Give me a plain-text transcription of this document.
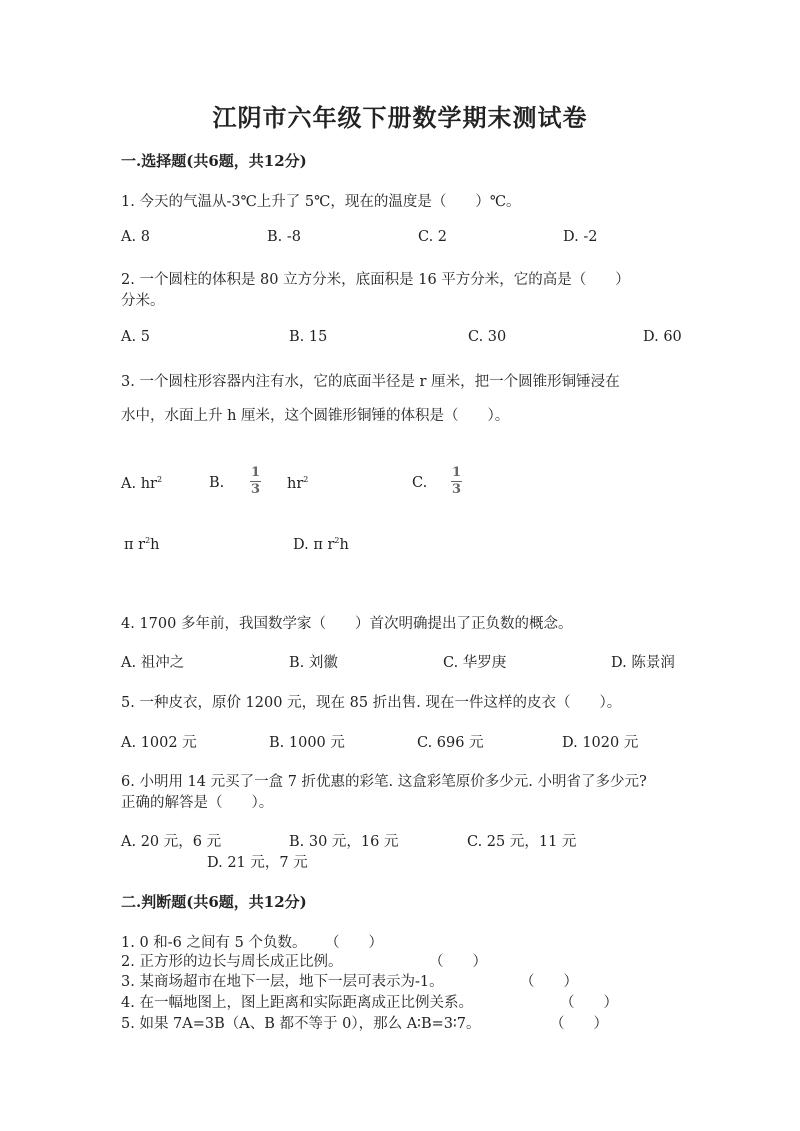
江阴市六年级下册数学期末测试卷
一.选择题(共6题，共12分)
1. 今天的气温从-3℃上升了 5℃，现在的温度是（　　）℃。
A. 8	B. -8	C. 2	D. -2
2. 一个圆柱的体积是 80 立方分米，底面积是 16 平方分米，它的高是（　　）
分米。
A. 5	B. 15	C. 30	D. 60
3. 一个圆柱形容器内注有水，它的底面半径是 r 厘米，把一个圆锥形铜锤浸在
水中，水面上升 h 厘米，这个圆锥形铜锤的体积是（　　）。
A. $hr^2$	B.
1
3 $hr^2$	C.
1
3
π $r^2h$	D. π $r^2h$
4. 1700 多年前，我国数学家（　　）首次明确提出了正负数的概念。
A. 祖冲之	B. 刘徽	C. 华罗庚	D. 陈景润
5. 一种皮衣，原价 1200 元，现在 85 折出售. 现在一件这样的皮衣（　　）。
A. 1002 元	B. 1000 元	C. 696 元	D. 1020 元
6. 小明用 14 元买了一盒 7 折优惠的彩笔. 这盒彩笔原价多少元. 小明省了多少元?
正确的解答是（　　）。
A. 20 元，6 元	B. 30 元，16 元	C. 25 元，11 元
D. 21 元，7 元
二.判断题(共6题，共12分)
1. 0 和-6 之间有 5 个负数。 （　　）
2. 正方形的边长与周长成正比例。	（　　）
3. 某商场超市在地下一层，地下一层可表示为-1。	（　　）
4. 在一幅地图上，图上距离和实际距离成正比例关系。	（　　）
5. 如果 7A=3B（A、B 都不等于 0），那么 A∶B=3∶7。	（　　）
